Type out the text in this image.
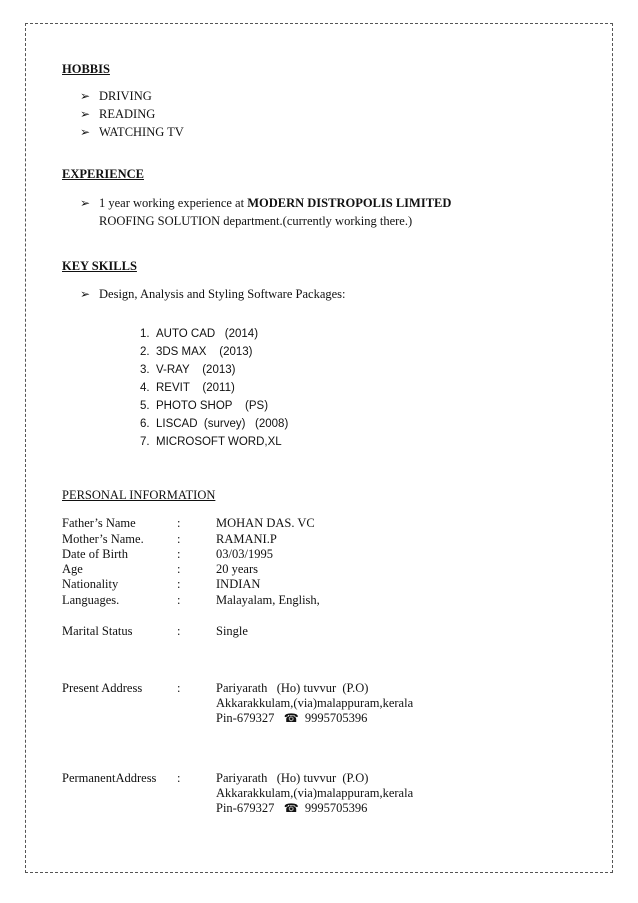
HOBBIS
➢ DRIVING
➢ READING
➢ WATCHING TV
EXPERIENCE
➢ 1 year working experience at MODERN DISTROPOLIS LIMITED
ROOFING SOLUTION department.(currently working there.)
KEY SKILLS
➢ Design, Analysis and Styling Software Packages:
1. AUTO CAD   (2014)
2. 3DS MAX    (2013)
3. V-RAY    (2013)
4. REVIT    (2011)
5. PHOTO SHOP    (PS)
6. LISCAD  (survey)   (2008)
7. MICROSOFT WORD,XL
PERSONAL INFORMATION
Father’s Name	:	MOHAN DAS. VC
Mother’s Name.	:	RAMANI.P
Date of Birth	:	03/03/1995
Age	:	20 years
Nationality	:	INDIAN
Languages.	:	Malayalam, English,
Marital Status	:	Single
Present Address	:	Pariyarath   (Ho) tuvvur  (P.O)
Akkarakkulam,(via)malappuram,kerala
Pin-679327 ☎ 9995705396
PermanentAddress :	Pariyarath   (Ho) tuvvur  (P.O)
Akkarakkulam,(via)malappuram,kerala
Pin-679327 ☎ 9995705396
